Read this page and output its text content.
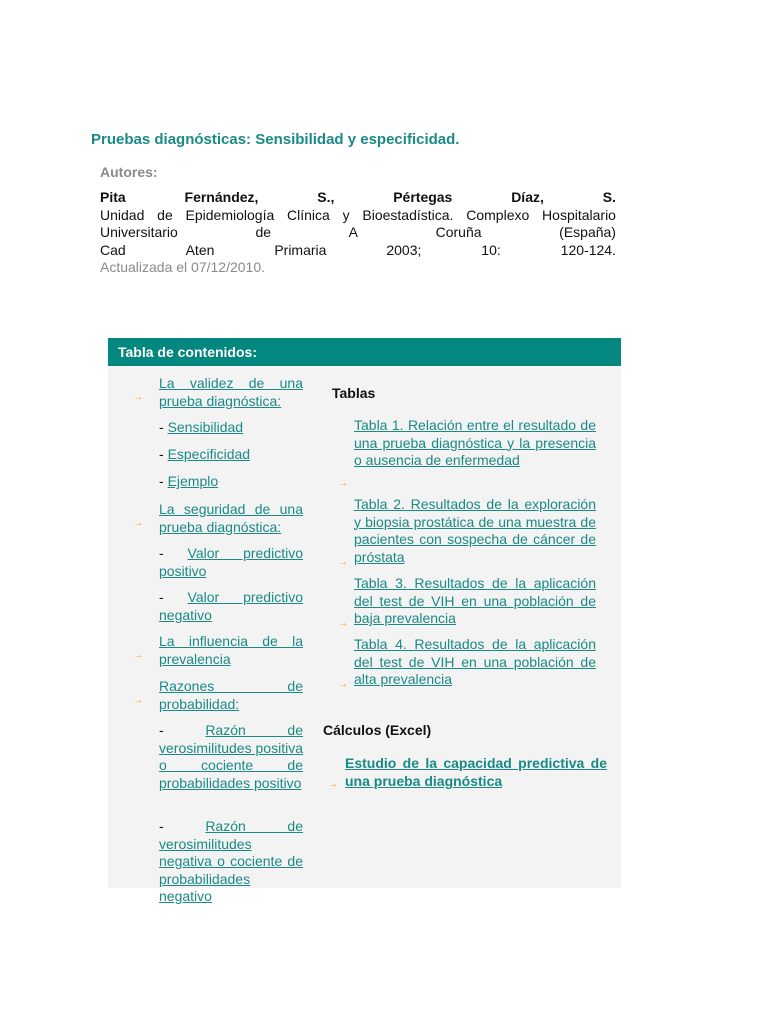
Pruebas diagnósticas: Sensibilidad y especificidad.
Autores:
Pita	Fernández,	S.,	Pértegas	Díaz,	S.
Unidad de Epidemiología Clínica y Bioestadística. Complexo Hospitalario
Universitario	de	A	Coruña	(España)
Cad	Aten	Primaria	2003;	10:	120-124.
Actualizada el 07/12/2010.
Tabla de contenidos:
→
La validez de una prueba diagnóstica:
- Sensibilidad
- Especificidad
- Ejemplo
→
La seguridad de una prueba diagnóstica:
- Valor predictivo positivo
- Valor predictivo negativo
→
La influencia de la prevalencia
→
Razones de probabilidad:
- Razón de verosimilitudes positiva o cociente de probabilidades positivo
- Razón de verosimilitudes negativa o cociente de probabilidades negativo
Tablas
→
Tabla 1. Relación entre el resultado de una prueba diagnóstica y la presencia o ausencia de enfermedad
→
Tabla 2. Resultados de la exploración y biopsia prostática de una muestra de pacientes con sospecha de cáncer de próstata
→
Tabla 3. Resultados de la aplicación del test de VIH en una población de baja prevalencia
→
Tabla 4. Resultados de la aplicación del test de VIH en una población de alta prevalencia
Cálculos (Excel)
→
Estudio de la capacidad predictiva de una prueba diagnóstica
